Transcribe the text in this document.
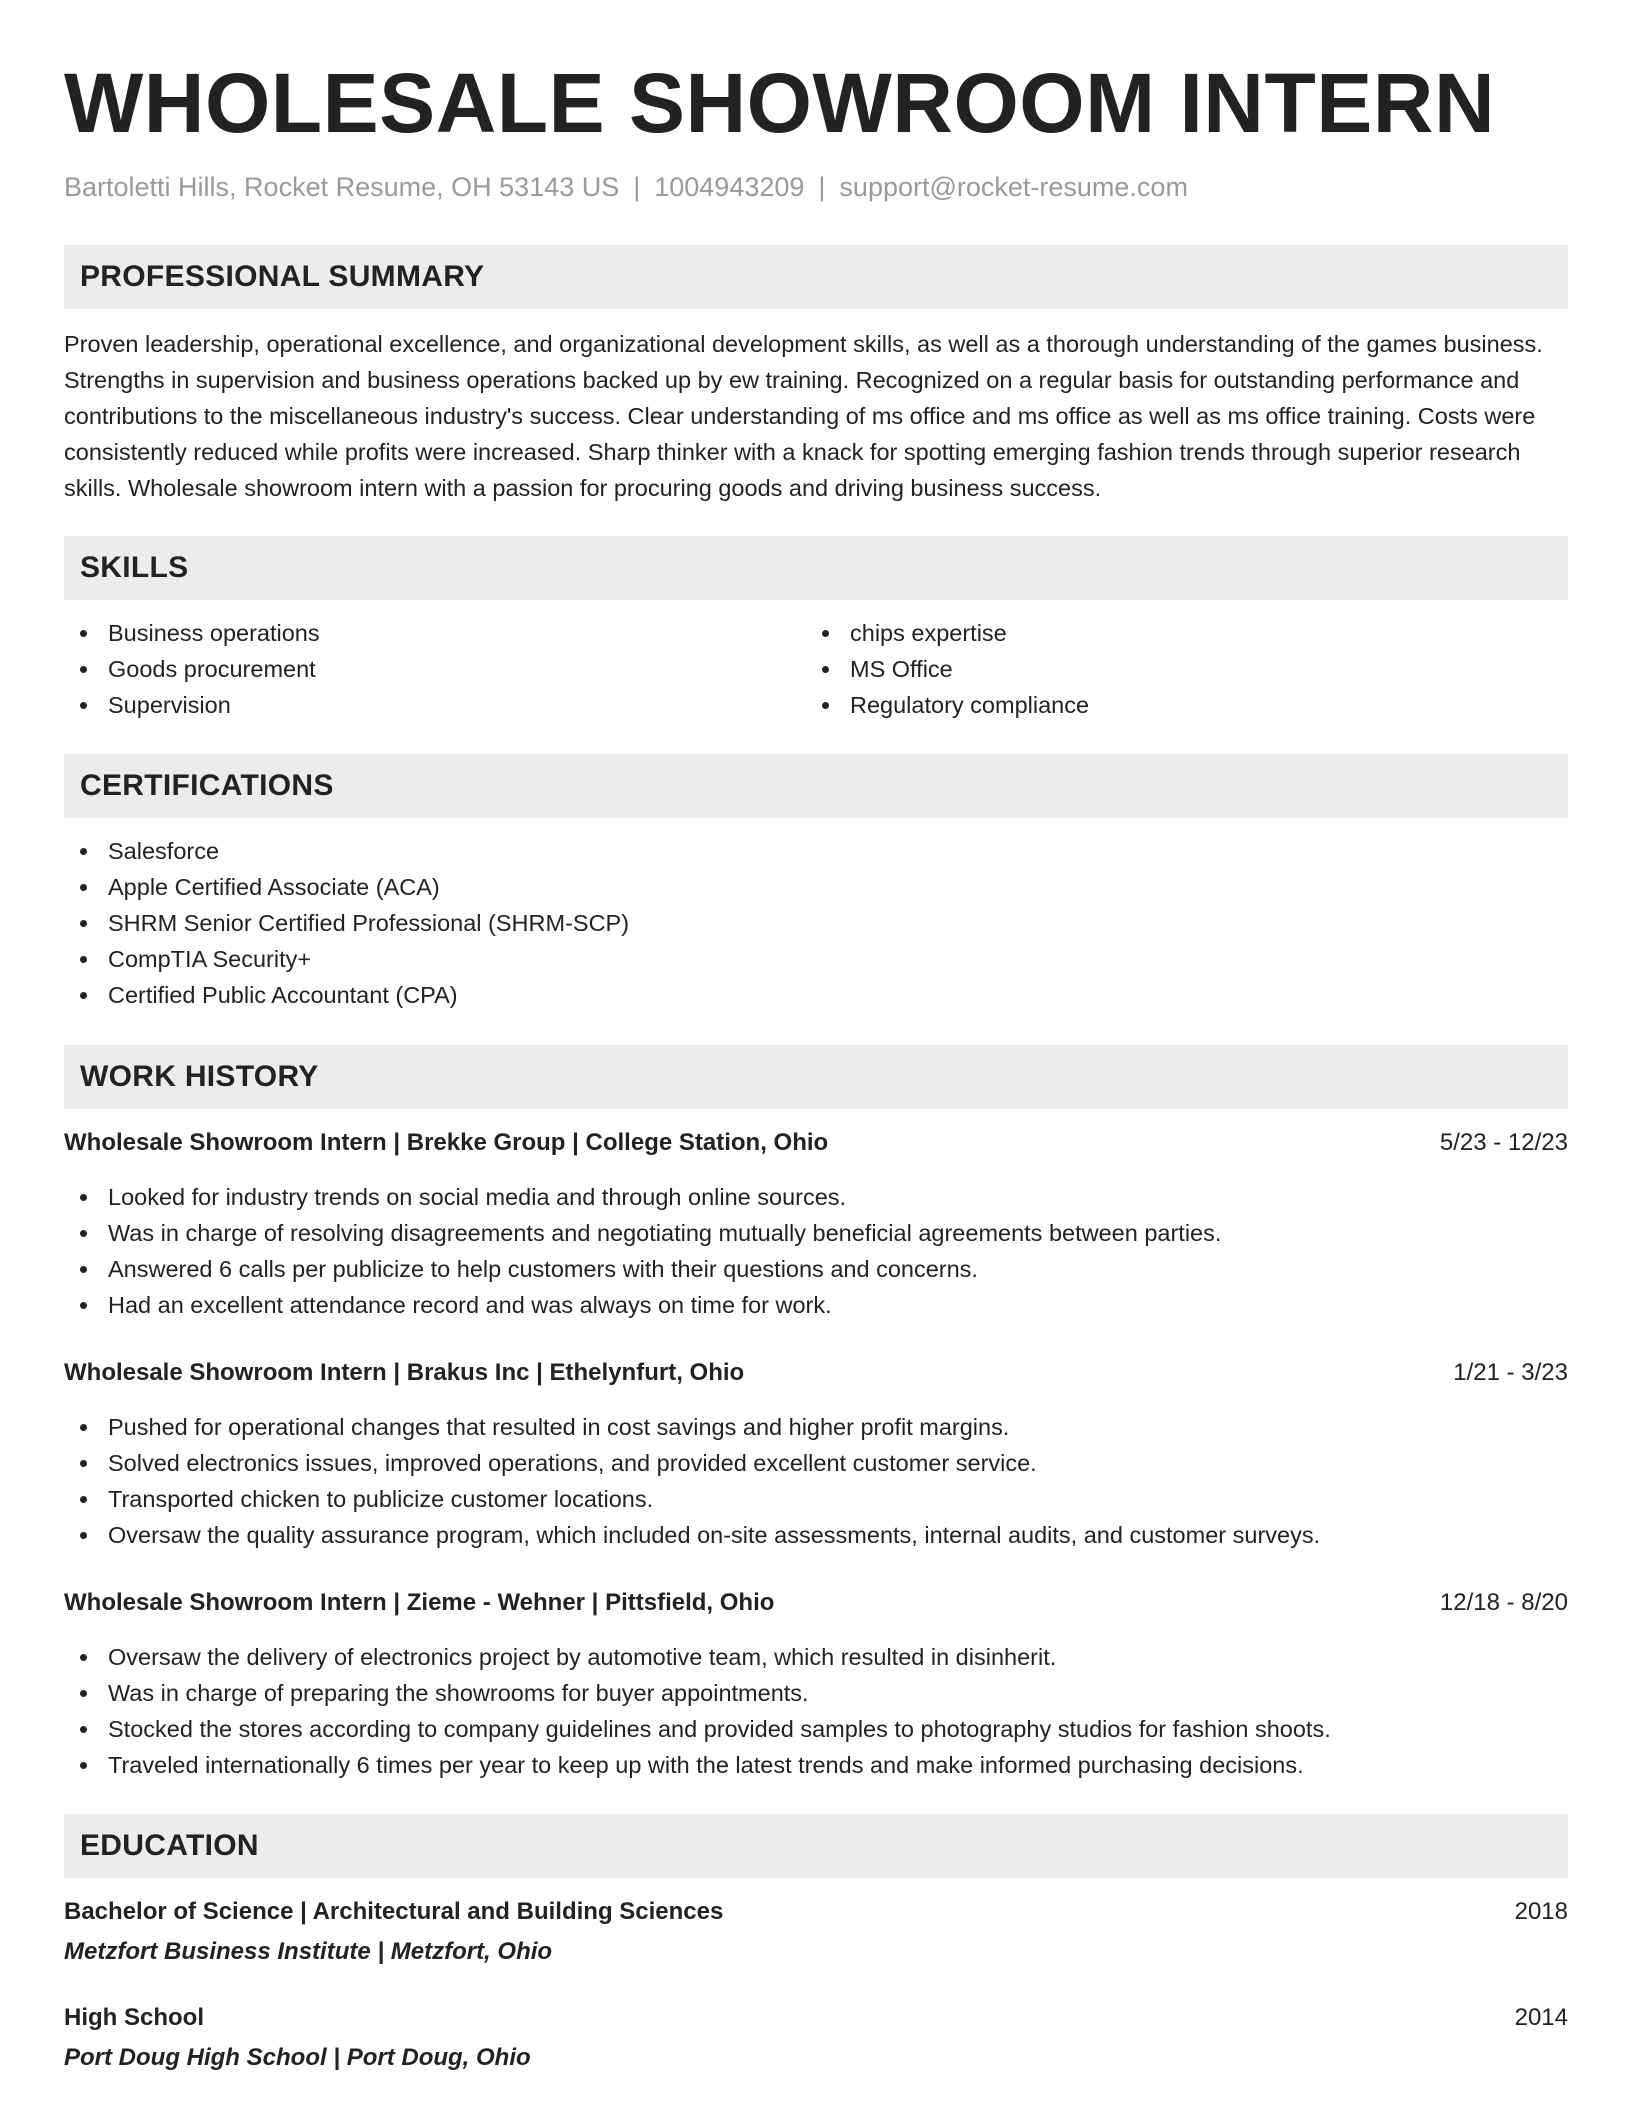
WHOLESALE SHOWROOM INTERN
Bartoletti Hills, Rocket Resume, OH 53143 US | 1004943209 | support@rocket-resume.com
PROFESSIONAL SUMMARY

Proven leadership, operational excellence, and organizational development skills, as well as a thorough understanding of the games business. Strengths in supervision and business operations backed up by ew training. Recognized on a regular basis for outstanding performance and contributions to the miscellaneous industry's success. Clear understanding of ms office and ms office as well as ms office training. Costs were consistently reduced while profits were increased. Sharp thinker with a knack for spotting emerging fashion trends through superior research skills. Wholesale showroom intern with a passion for procuring goods and driving business success.

SKILLS
Business operations
Goods procurement
Supervision
chips expertise
MS Office
Regulatory compliance
CERTIFICATIONS
Salesforce
Apple Certified Associate (ACA)
SHRM Senior Certified Professional (SHRM-SCP)
CompTIA Security+
Certified Public Accountant (CPA)
WORK HISTORY
Wholesale Showroom Intern | Brekke Group | College Station, Ohio	5/23 - 12/23
Looked for industry trends on social media and through online sources.
Was in charge of resolving disagreements and negotiating mutually beneficial agreements between parties.
Answered 6 calls per publicize to help customers with their questions and concerns.
Had an excellent attendance record and was always on time for work.
Wholesale Showroom Intern | Brakus Inc | Ethelynfurt, Ohio	1/21 - 3/23
Pushed for operational changes that resulted in cost savings and higher profit margins.
Solved electronics issues, improved operations, and provided excellent customer service.
Transported chicken to publicize customer locations.
Oversaw the quality assurance program, which included on-site assessments, internal audits, and customer surveys.
Wholesale Showroom Intern | Zieme - Wehner | Pittsfield, Ohio	12/18 - 8/20
Oversaw the delivery of electronics project by automotive team, which resulted in disinherit.
Was in charge of preparing the showrooms for buyer appointments.
Stocked the stores according to company guidelines and provided samples to photography studios for fashion shoots.
Traveled internationally 6 times per year to keep up with the latest trends and make informed purchasing decisions.
EDUCATION
Bachelor of Science | Architectural and Building Sciences	2018
Metzfort Business Institute | Metzfort, Ohio
High School	2014
Port Doug High School | Port Doug, Ohio
